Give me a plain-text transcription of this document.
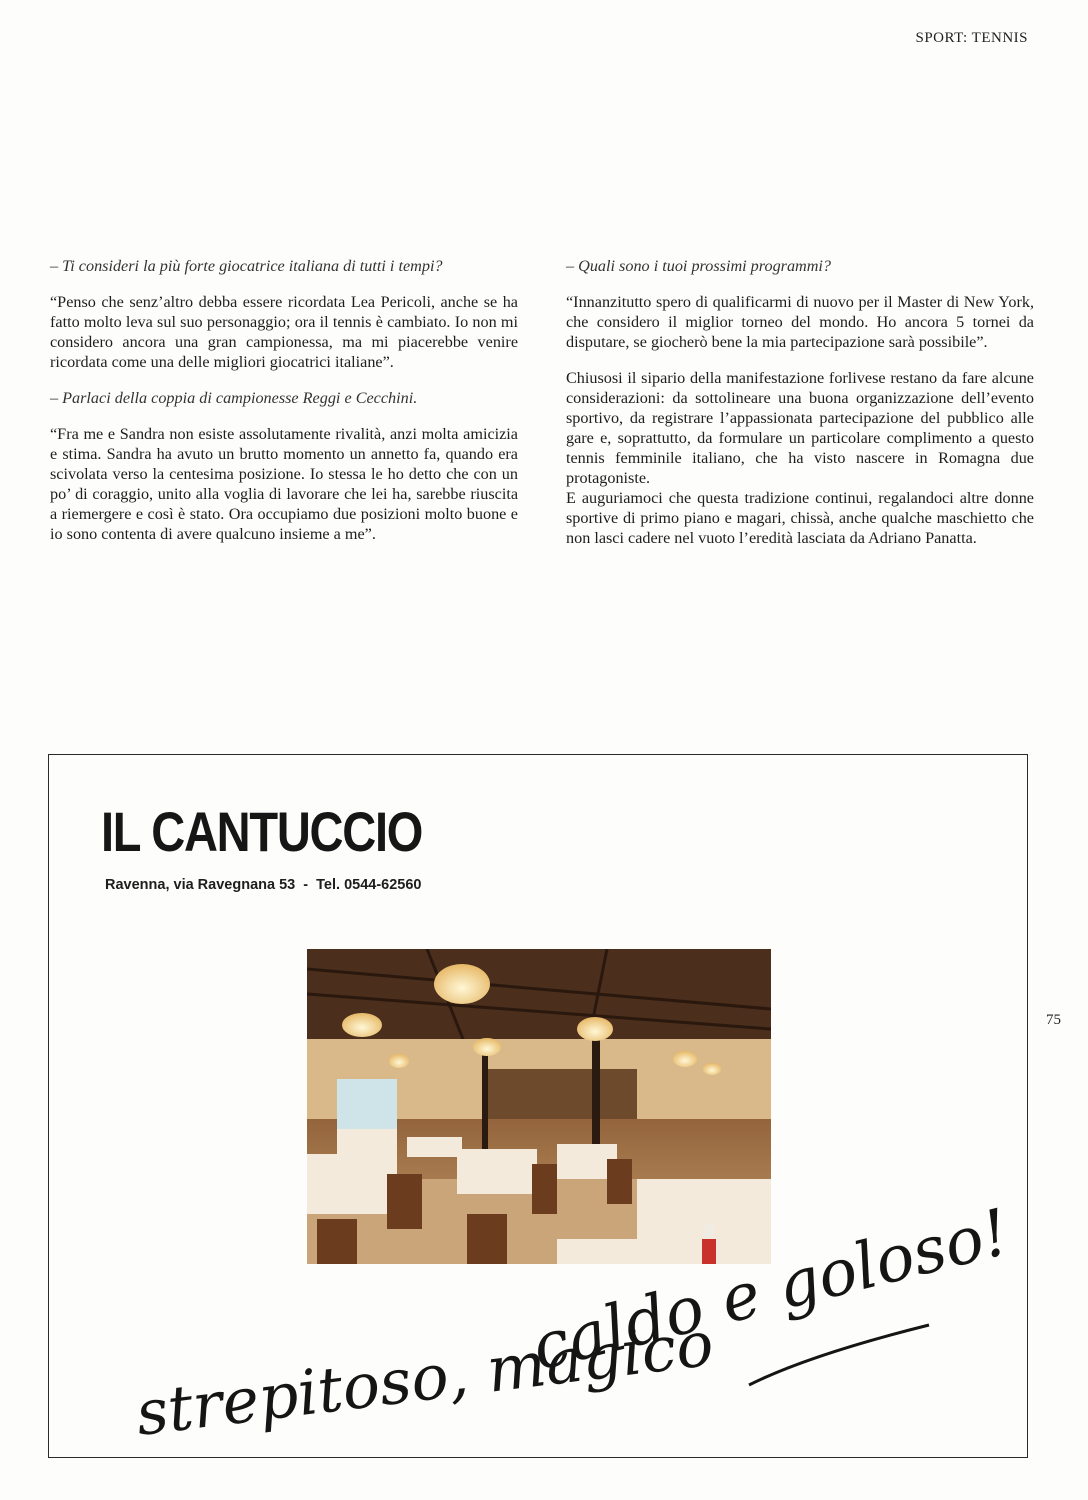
SPORT: TENNIS

– Ti consideri la più forte giocatrice italiana di tutti i tempi?

“Penso che senz’altro debba essere ricordata Lea Pericoli, anche se ha fatto molto leva sul suo personaggio; ora il tennis è cambiato. Io non mi considero ancora una gran campionessa, ma mi piacerebbe venire ricordata come una delle migliori giocatrici italiane”.

– Parlaci della coppia di campionesse Reggi e Cecchini.

“Fra me e Sandra non esiste assolutamente rivalità, anzi molta amicizia e stima. Sandra ha avuto un brutto momento un annetto fa, quando era scivolata verso la centesima posizione. Io stessa le ho detto che con un po’ di coraggio, unito alla voglia di lavorare che lei ha, sarebbe riuscita a riemergere e così è stato. Ora occupiamo due posizioni molto buone e io sono contenta di avere qualcuno insieme a me”.

– Quali sono i tuoi prossimi programmi?

“Innanzitutto spero di qualificarmi di nuovo per il Master di New York, che considero il miglior torneo del mondo. Ho ancora 5 tornei da disputare, se giocherò bene la mia partecipazione sarà possibile”.

Chiusosi il sipario della manifestazione forlivese restano da fare alcune considerazioni: da sottolineare una buona organizzazione dell’evento sportivo, da registrare l’appassionata partecipazione del pubblico alle gare e, soprattutto, da formulare un particolare complimento a questo tennis femminile italiano, che ha visto nascere in Romagna due protagoniste.

E auguriamoci che questa tradizione continui, regalandoci altre donne sportive di primo piano e magari, chissà, anche qualche maschietto che non lasci cadere nel vuoto l’eredità lasciata da Adriano Panatta.

IL CANTUCCIO
Ravenna, via Ravegnana 53  -  Tel. 0544-62560
strepitoso, magico
caldo e goloso!
75
